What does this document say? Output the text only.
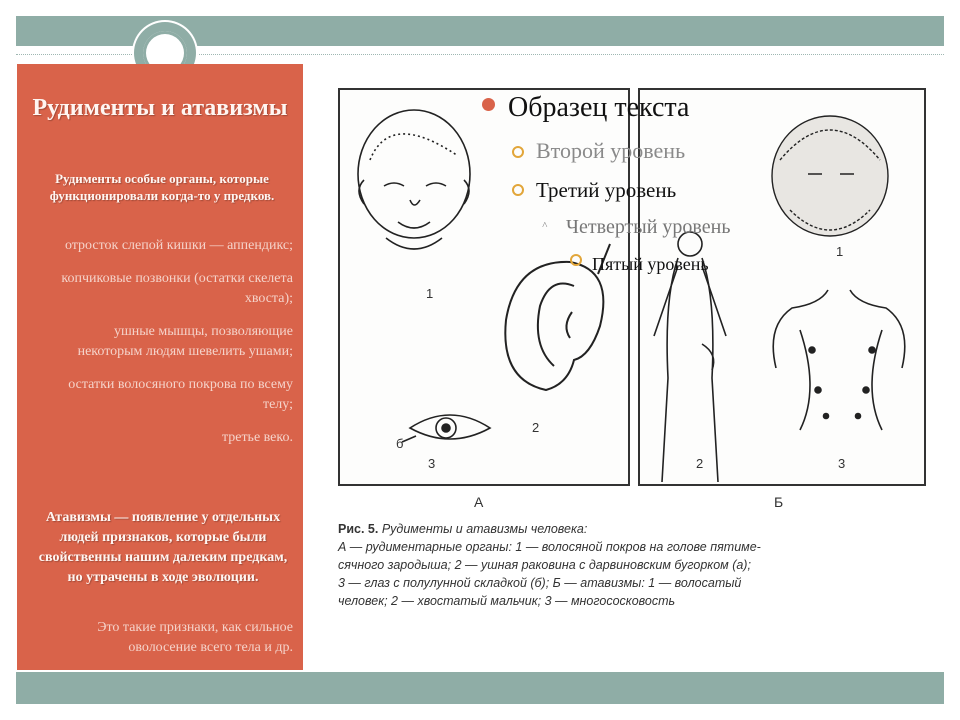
Рудименты и атавизмы
Рудименты особые органы, которые функционировали когда-то у предков.
отросток слепой кишки — аппендикс;
копчиковые позвонки (остатки скелета хвоста);
ушные мышцы, позволяющие некоторым людям шевелить ушами;
остатки волосяного покрова по всему телу;
третье веко.
Атавизмы — появление у отдельных людей признаков, которые были свойственны нашим далеким предкам, но утрачены в ходе эволюции.
Это такие признаки, как сильное оволосение всего тела и др.
1
2
3
б
1
2	3
А	Б
Рис. 5. Рудименты и атавизмы человека:
А — рудиментарные органы: 1 — волосяной покров на голове пятиме-
сячного зародыша; 2 — ушная раковина с дарвиновским бугорком (а);
3 — глаз с полулунной складкой (б); Б — атавизмы: 1 — волосатый
человек; 2 — хвостатый мальчик; 3 — многососковость
Образец текста
Второй уровень
Третий уровень
˄ Четвертый уровень
Пятый уровень
